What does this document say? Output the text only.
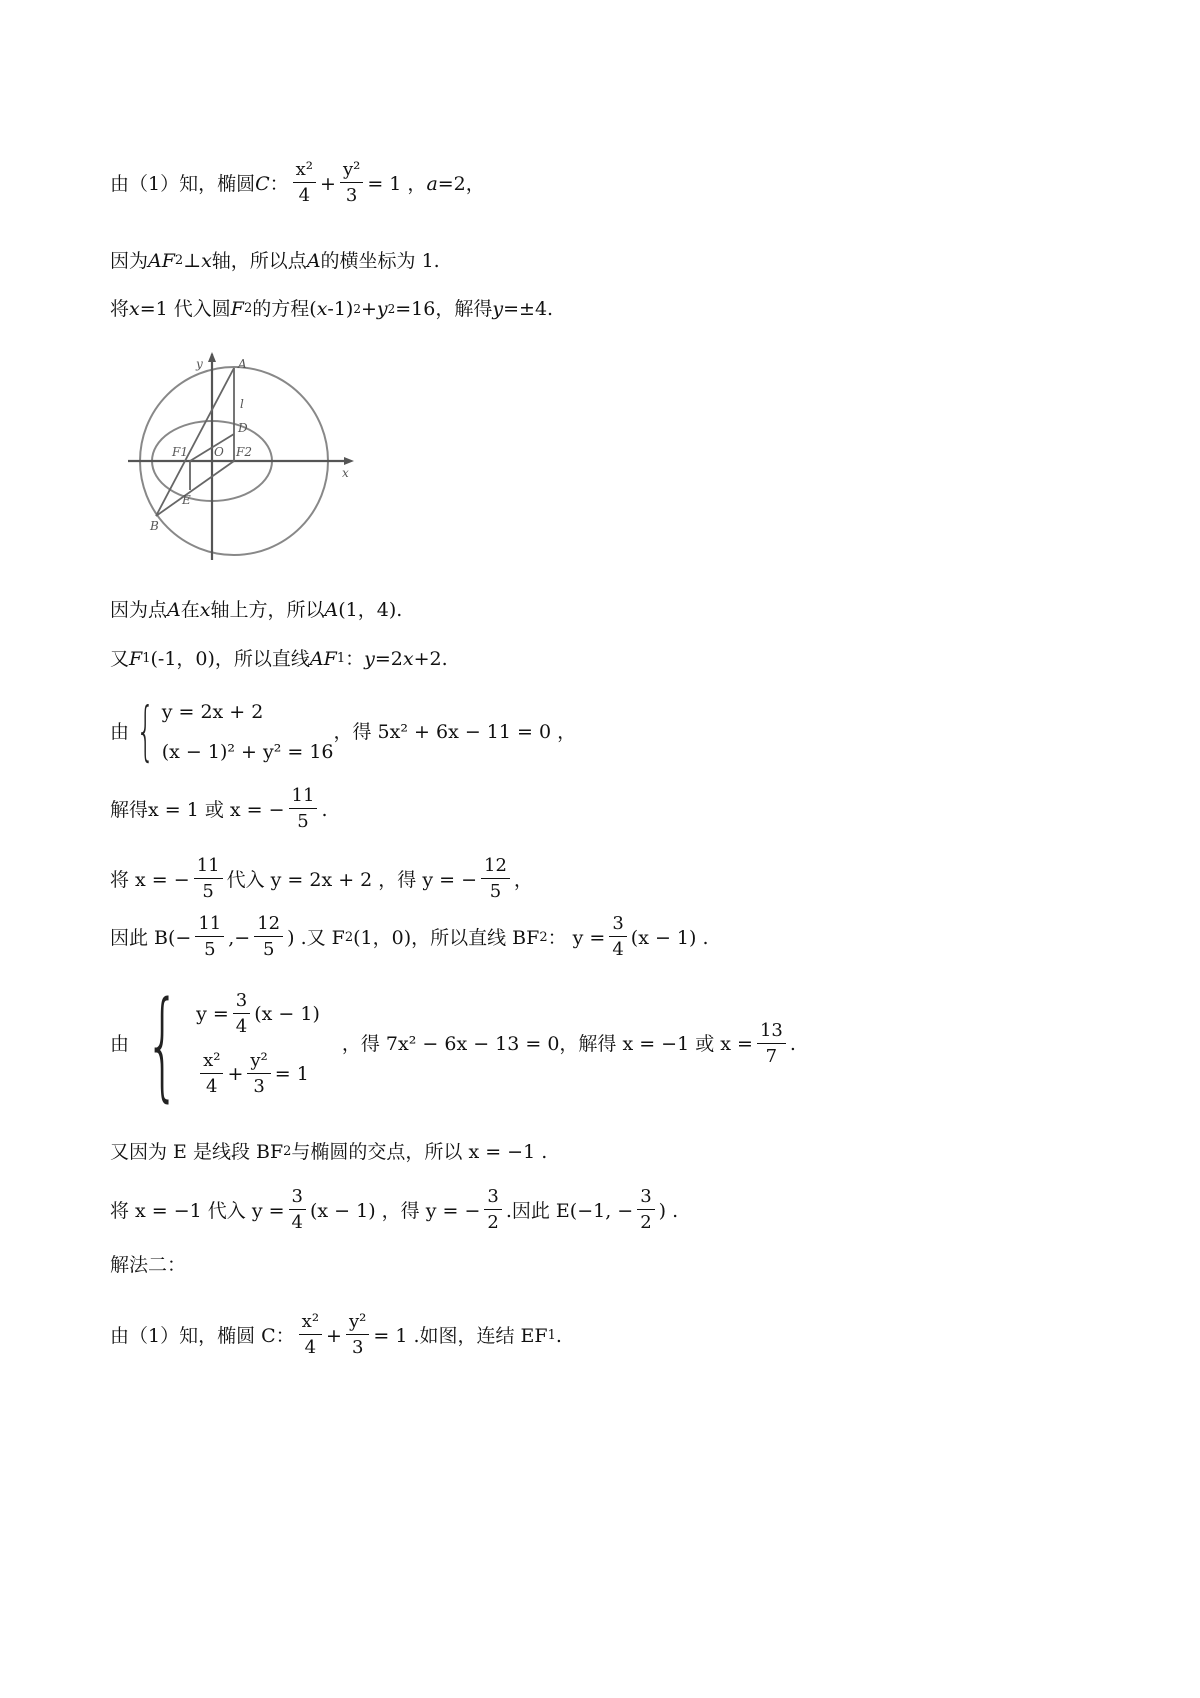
由（1）知，椭圆 C ： $\frac{\text{x²}}{4} + \frac{\text{y²}}{3} = 1$ ， a =2，
因为 AF 2 ⊥ x 轴，所以点 A 的横坐标为 1.
将 x =1 代入圆 F 2 的方程( x -1) 2 + y 2 =16，解得 y =±4.
y	A
l
D
F1 O F2
x
E
B
因为点 A 在 x 轴上方，所以 A (1，4).
又 F 1 (-1，0)，所以直线 AF 1 ： y =2 x +2.
由 { y = 2x + 2
(x − 1)² + y² = 16
，得 5x² + 6x − 11 = 0 ，
解得 x = 1 或 x = − $\frac{11}{5}$ .
将 x = − $\frac{11}{5}$ 代入 y = 2x + 2 ，得 y = − $\frac{12}{5}$ ，
因此 $B(- \frac{11}{5}$ ,− $\frac{12}{5}$ ) .又 F 2 (1，0)，所以直线 BF 2 ： $y = \frac{3}{4} (x - 1)$ .
由 { $y = \frac{3}{4} (x - 1)$
$\frac{\text{x²}}{4} + \frac{\text{y²}}{3} = 1$
，得 7x² − 6x − 13 = 0，解得 x = −1 或 $x = \frac{13}{7}$ .
又因为 E 是线段 BF 2 与椭圆的交点，所以 x = −1 .
将 x = −1 代入 $y = \frac{3}{4} (x - 1)$ ，得 y = − $\frac{3}{2}$ .因此 E(−1, − $\frac{3}{2}$ ) .
解法二：
由（1）知，椭圆 C： $\frac{\text{x²}}{4} + \frac{\text{y²}}{3} = 1$ .如图，连结 EF 1 .
